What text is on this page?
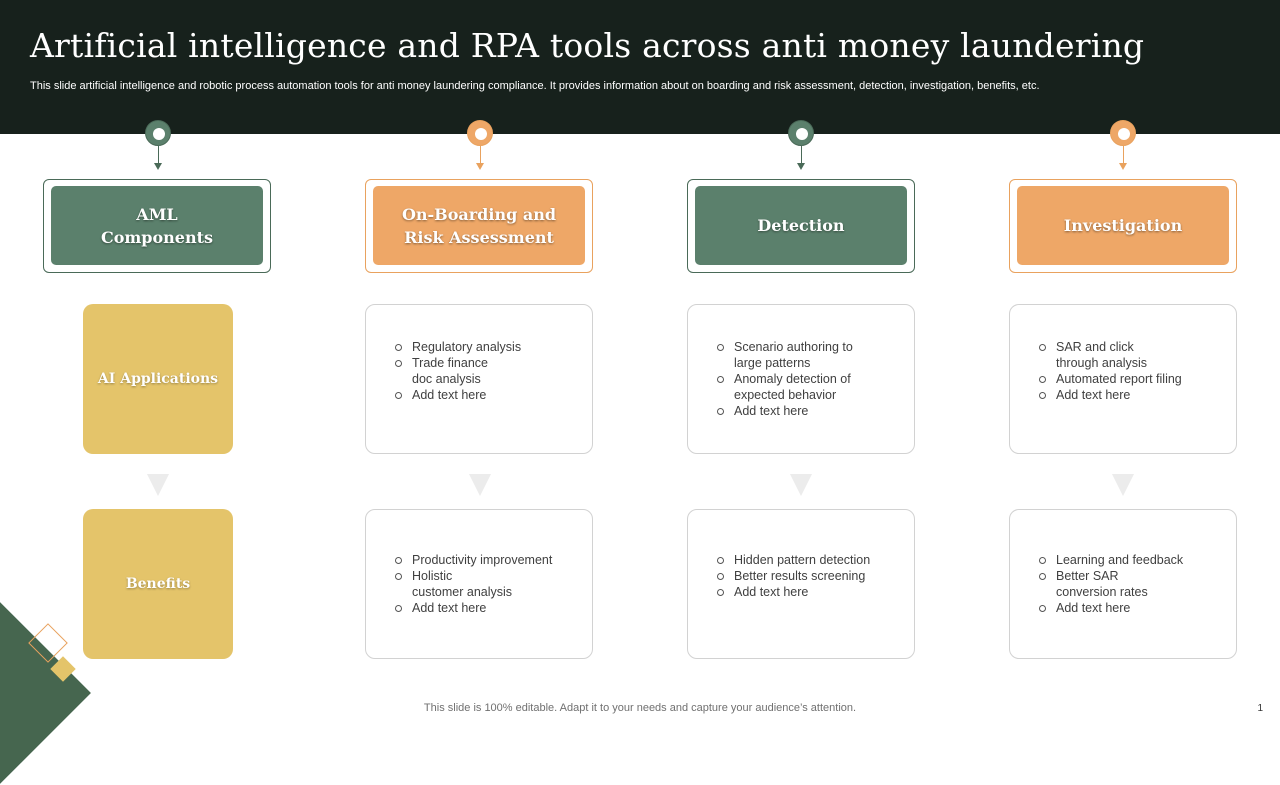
Artificial intelligence and RPA tools across anti money laundering
This slide artificial intelligence and robotic process automation tools for anti money laundering compliance. It provides information about on boarding and risk assessment, detection, investigation, benefits, etc.
AML
Components
On-Boarding and
Risk Assessment
Detection	Investigation
AI Applications
Benefits
Regulatory analysis
Trade finance
doc analysis
Add text here
Scenario authoring to
large patterns
Anomaly detection of
expected behavior
Add text here
SAR and click
through analysis
Automated report filing
Add text here
Productivity improvement
Holistic
customer analysis
Add text here
Hidden pattern detection
Better results screening
Add text here
Learning and feedback
Better SAR
conversion rates
Add text here
This slide is 100% editable. Adapt it to your needs and capture your audience’s attention.	1
